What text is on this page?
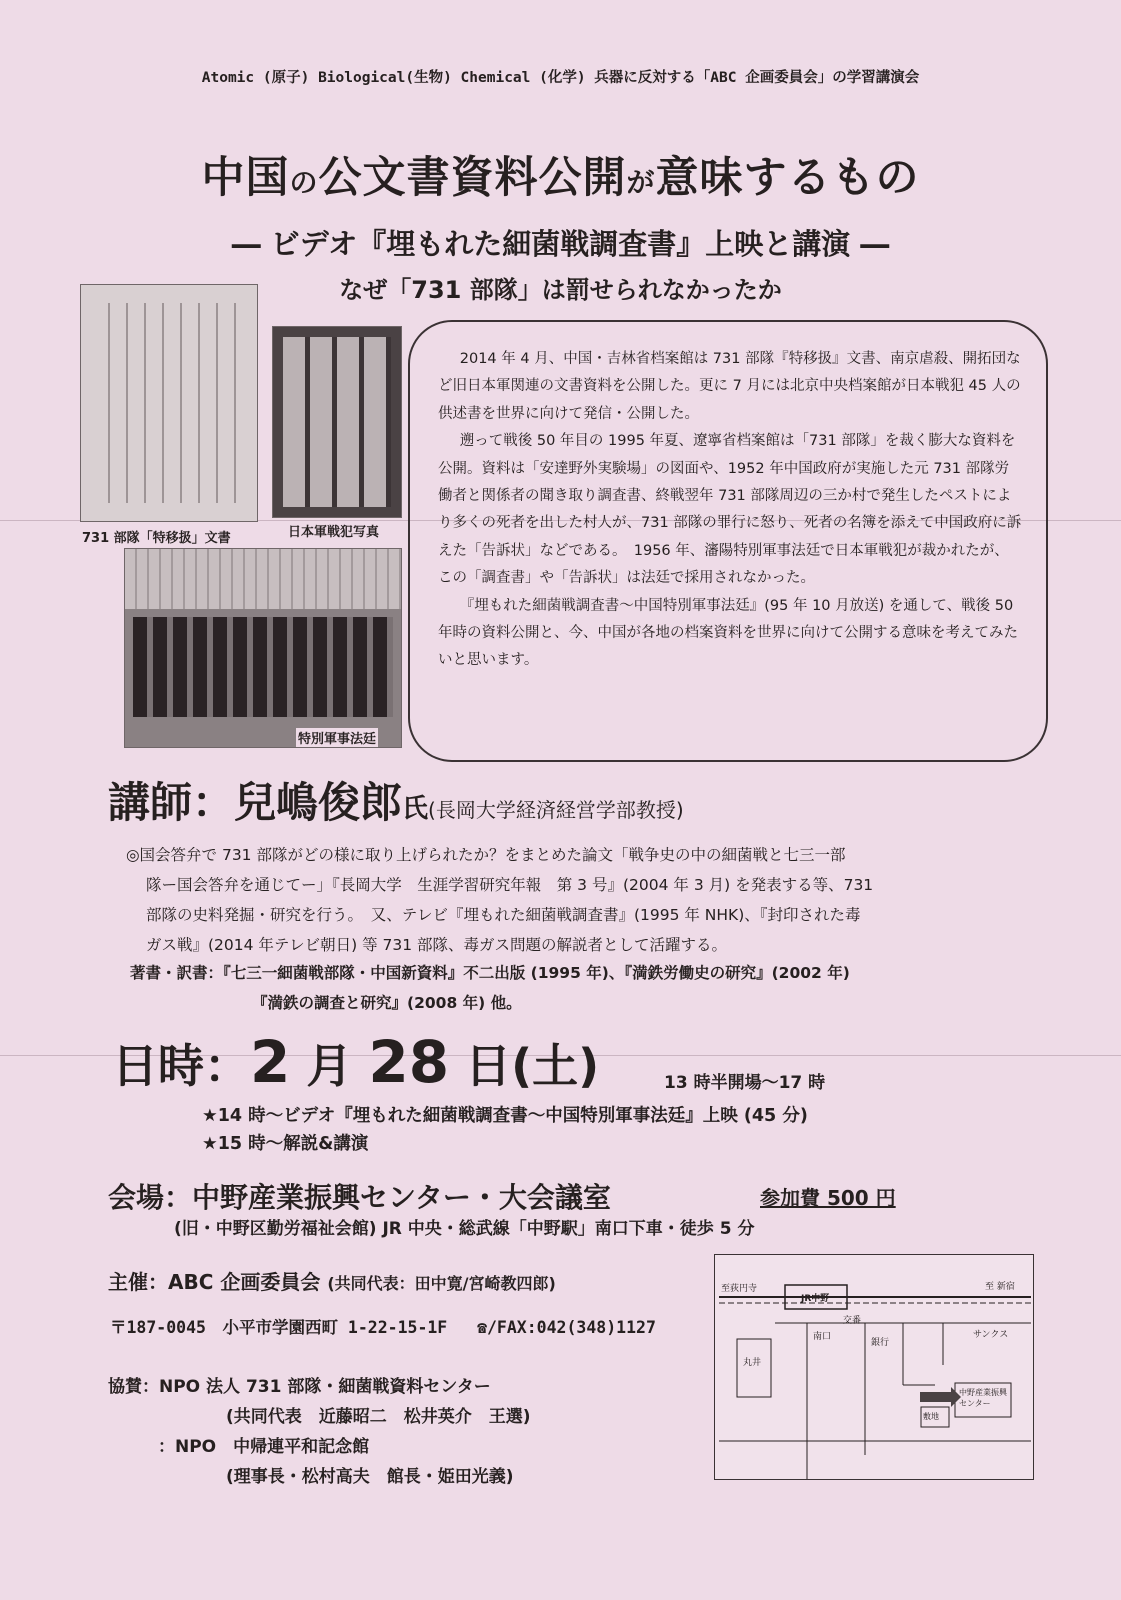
Atomic (原子) Biological(生物) Chemical (化学) 兵器に反対する「ABC 企画委員会」の学習講演会
中国の公文書資料公開が意味するもの
― ビデオ『埋もれた細菌戦調査書』上映と講演 ―
なぜ「731 部隊」は罰せられなかったか
731 部隊「特移扱」文書	日本軍戦犯写真
特別軍事法廷

2014 年 4 月、中国・吉林省档案館は 731 部隊『特移扱』文書、南京虐殺、開拓団など旧日本軍関連の文書資料を公開した。更に 7 月には北京中央档案館が日本戦犯 45 人の供述書を世界に向けて発信・公開した。

遡って戦後 50 年目の 1995 年夏、遼寧省档案館は「731 部隊」を裁く膨大な資料を公開。資料は「安達野外実験場」の図面や、1952 年中国政府が実施した元 731 部隊労働者と関係者の聞き取り調査書、終戦翌年 731 部隊周辺の三か村で発生したペストにより多くの死者を出した村人が、731 部隊の罪行に怒り、死者の名簿を添えて中国政府に訴えた「告訴状」などである。　1956 年、瀋陽特別軍事法廷で日本軍戦犯が裁かれたが、この「調査書」や「告訴状」は法廷で採用されなかった。

『埋もれた細菌戦調査書～中国特別軍事法廷』(95 年 10 月放送) を通して、戦後 50 年時の資料公開と、今、中国が各地の档案資料を世界に向けて公開する意味を考えてみたいと思います。

講師：兒嶋俊郎氏(長岡大学経済経営学部教授)
◎国会答弁で 731 部隊がどの様に取り上げられたか？をまとめた論文「戦争史の中の細菌戦と七三一部
隊ー国会答弁を通じてー」『長岡大学　生涯学習研究年報　第 3 号』(2004 年 3 月) を発表する等、731
部隊の史料発掘・研究を行う。　又、テレビ『埋もれた細菌戦調査書』(1995 年 NHK)、『封印された毒
ガス戦』(2014 年テレビ朝日) 等 731 部隊、毒ガス問題の解説者として活躍する。
著書・訳書：『七三一細菌戦部隊・中国新資料』不二出版 (1995 年)、『満鉄労働史の研究』(2002 年)
『満鉄の調査と研究』(2008 年) 他。
日時：2 月 28 日(土)	13 時半開場～17 時
★14 時～ビデオ『埋もれた細菌戦調査書～中国特別軍事法廷』上映 (45 分)
★15 時～解説&講演
会場：中野産業振興センター・大会議室	参加費 500 円
(旧・中野区勤労福祉会館) JR 中央・総武線「中野駅」南口下車・徒歩 5 分
主催：ABC 企画委員会 (共同代表：田中寛/宮崎教四郎)
〒187-0045　小平市学園西町 1-22-15-1F ☎/FAX:042(348)1127
協賛：NPO 法人 731 部隊・細菌戦資料センター
(共同代表　近藤昭二　松井英介　王選)
：NPO　中帰連平和記念館
(理事長・松村高夫　館長・姫田光義)
至荻円寺	至 新宿
JR中野
南口
交番
銀行
丸井
サンクス
中野産業振興センター
敷地
